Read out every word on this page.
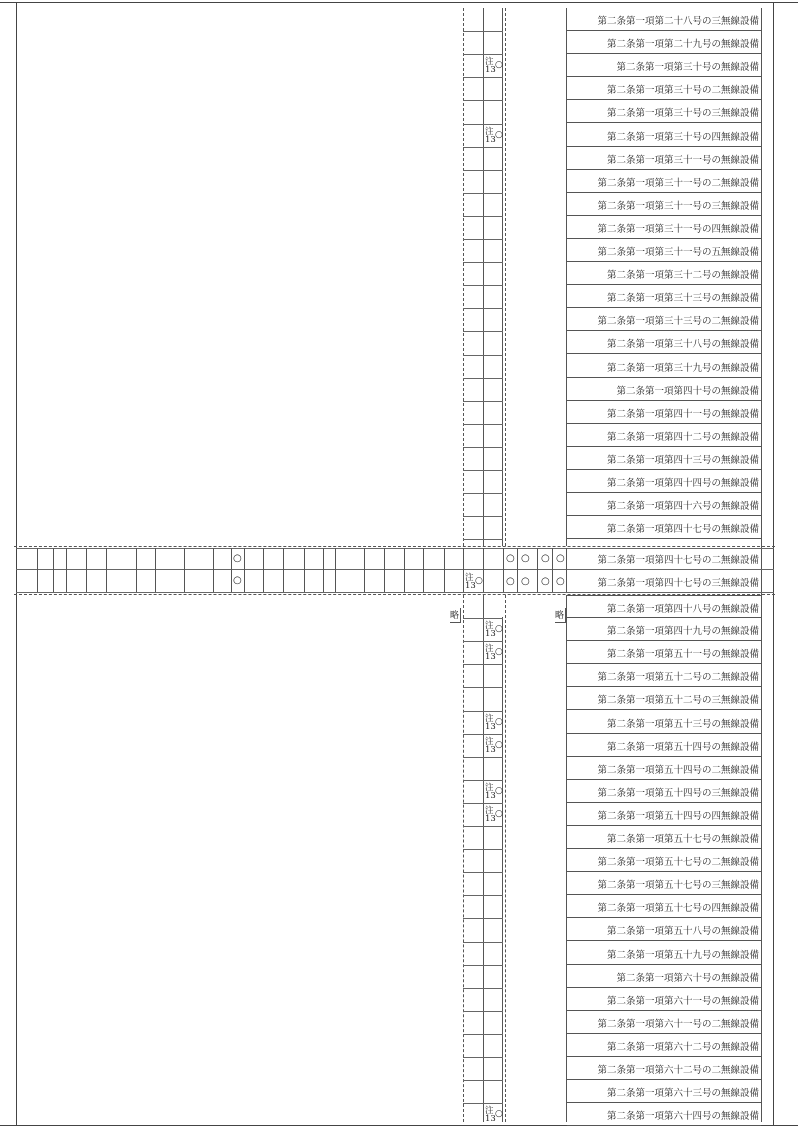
第二条第一項第二十八号の三無線設備
第二条第一項第二十九号の無線設備
第二条第一項第三十号の無線設備
注
13 ○
第二条第一項第三十号の二無線設備
第二条第一項第三十号の三無線設備
第二条第一項第三十号の四無線設備
注
13 ○
第二条第一項第三十一号の無線設備
第二条第一項第三十一号の二無線設備
第二条第一項第三十一号の三無線設備
第二条第一項第三十一号の四無線設備
第二条第一項第三十一号の五無線設備
第二条第一項第三十二号の無線設備
第二条第一項第三十三号の無線設備
第二条第一項第三十三号の二無線設備
第二条第一項第三十八号の無線設備
第二条第一項第三十九号の無線設備
第二条第一項第四十号の無線設備
第二条第一項第四十一号の無線設備
第二条第一項第四十二号の無線設備
第二条第一項第四十三号の無線設備
第二条第一項第四十四号の無線設備
第二条第一項第四十六号の無線設備
第二条第一項第四十七号の無線設備
第二条第一項第四十八号の無線設備
第二条第一項第四十九号の無線設備
注
13 ○
第二条第一項第五十一号の無線設備
注
13 ○
第二条第一項第五十二号の二無線設備
第二条第一項第五十二号の三無線設備
第二条第一項第五十三号の無線設備
注
13 ○
第二条第一項第五十四号の無線設備
注
13 ○
第二条第一項第五十四号の二無線設備
第二条第一項第五十四号の三無線設備
注
13 ○
第二条第一項第五十四号の四無線設備
注
13 ○
第二条第一項第五十七号の無線設備
第二条第一項第五十七号の二無線設備
第二条第一項第五十七号の三無線設備
第二条第一項第五十七号の四無線設備
第二条第一項第五十八号の無線設備
第二条第一項第五十九号の無線設備
第二条第一項第六十号の無線設備
第二条第一項第六十一号の無線設備
第二条第一項第六十一号の二無線設備
第二条第一項第六十二号の無線設備
第二条第一項第六十二号の二無線設備
第二条第一項第六十三号の無線設備
第二条第一項第六十四号の無線設備
注
13 ○
第二条第一項第四十七号の二無線設備
第二条第一項第四十七号の三無線設備
○
○
○ ○ ○ ○
○ ○ ○ ○
注
13 ○
略	略
